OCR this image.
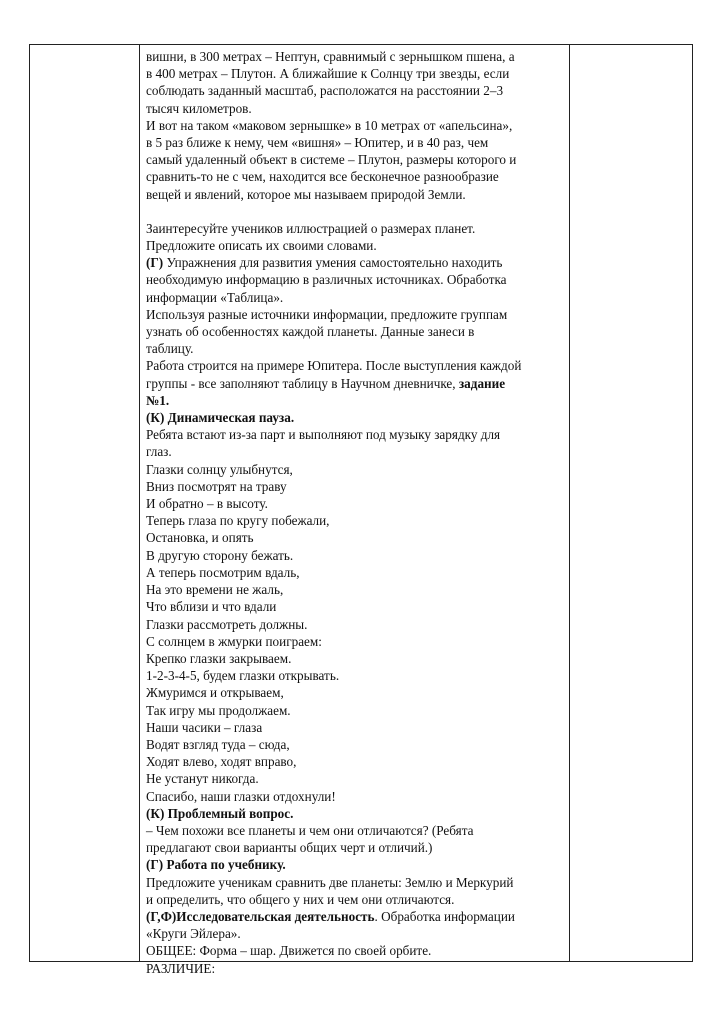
вишни, в 300 метрах – Нептун, сравнимый с зернышком пшена, а

в 400 метрах – Плутон. А ближайшие к Солнцу три звезды, если

соблюдать заданный масштаб, расположатся на расстоянии 2–3

тысяч километров.

И вот на таком «маковом зернышке» в 10 метрах от «апельсина»,

в 5 раз ближе к нему, чем «вишня» – Юпитер, и в 40 раз, чем

самый удаленный объект в системе – Плутон, размеры которого и

сравнить-то не с чем, находится все бесконечное разнообразие

вещей и явлений, которое мы называем природой Земли.

Заинтересуйте учеников иллюстрацией о размерах планет.

Предложите описать их своими словами.

(Г) Упражнения для развития умения самостоятельно находить

необходимую информацию в различных источниках. Обработка

информации «Таблица».

Используя разные источники информации, предложите группам

узнать об особенностях каждой планеты. Данные занеси в

таблицу.

Работа строится на примере Юпитера. После выступления каждой

группы - все заполняют таблицу в Научном дневничке, задание

№1.

(К) Динамическая пауза.

Ребята встают из-за парт и выполняют под музыку зарядку для

глаз.

Глазки солнцу улыбнутся,

Вниз посмотрят на траву

И обратно – в высоту.

Теперь глаза по кругу побежали,

Остановка, и опять

В другую сторону бежать.

А теперь посмотрим вдаль,

На это времени не жаль,

Что вблизи и что вдали

Глазки рассмотреть должны.

С солнцем в жмурки поиграем:

Крепко глазки закрываем.

1-2-3-4-5, будем глазки открывать.

Жмуримся и открываем,

Так игру мы продолжаем.

Наши часики – глаза

Водят взгляд туда – сюда,

Ходят влево, ходят вправо,

Не устанут никогда.

Спасибо, наши глазки отдохнули!

(К) Проблемный вопрос.

– Чем похожи все планеты и чем они отличаются? (Ребята

предлагают свои варианты общих черт и отличий.)

(Г) Работа по учебнику.

Предложите ученикам сравнить две планеты: Землю и Меркурий

и определить, что общего у них и чем они отличаются.

(Г,Ф)Исследовательская деятельность. Обработка информации

«Круги Эйлера».

ОБЩЕЕ: Форма – шар. Движется по своей орбите.

РАЗЛИЧИЕ:
